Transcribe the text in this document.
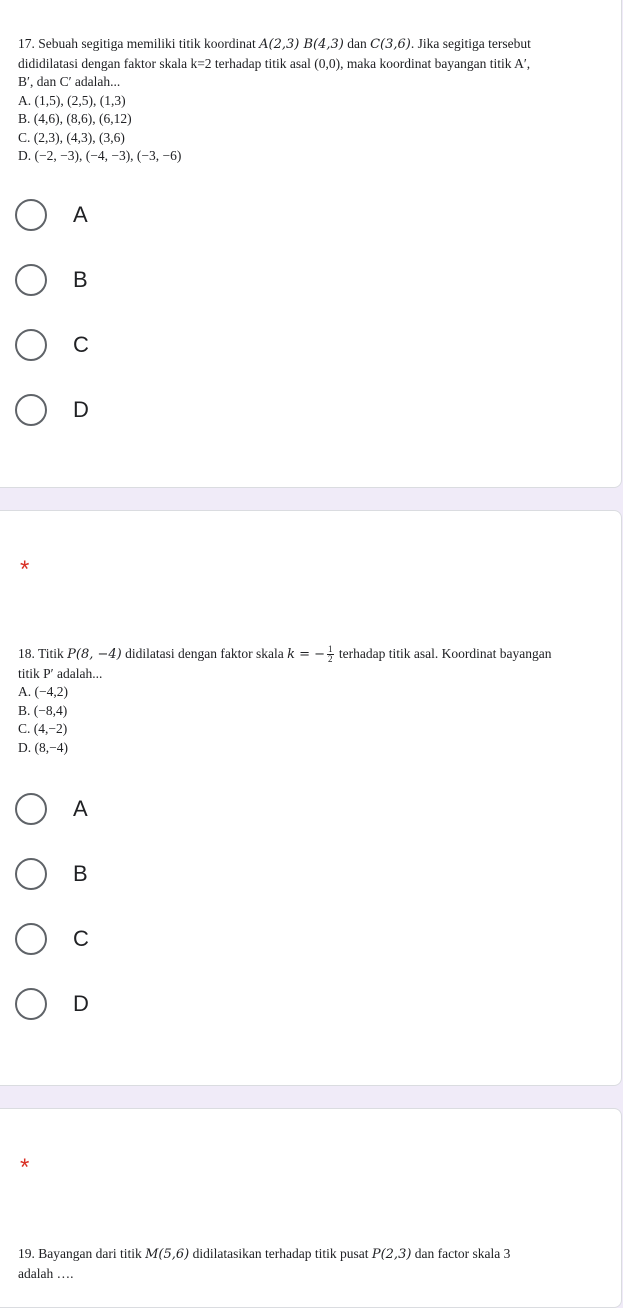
17. Sebuah segitiga memiliki titik koordinat A(2,3) B(4,3) dan C(3,6). Jika segitiga tersebut
dididilatasi dengan faktor skala k=2 terhadap titik asal (0,0), maka koordinat bayangan titik A′,
B′, dan C′ adalah...
A. (1,5), (2,5), (1,3)
B. (4,6), (8,6), (6,12)
C. (2,3), (4,3), (3,6)
D. (−2, −3), (−4, −3), (−3, −6)
A
B
C
D
*
18. Titik P(8, −4) didilatasi dengan faktor skala k = − $\frac{1}{2}$ terhadap titik asal. Koordinat bayangan
titik P′ adalah...
A. (−4,2)
B. (−8,4)
C. (4,−2)
D. (8,−4)
A
B
C
D
*
19. Bayangan dari titik M(5,6) didilatasikan terhadap titik pusat P(2,3) dan factor skala 3
adalah ….
